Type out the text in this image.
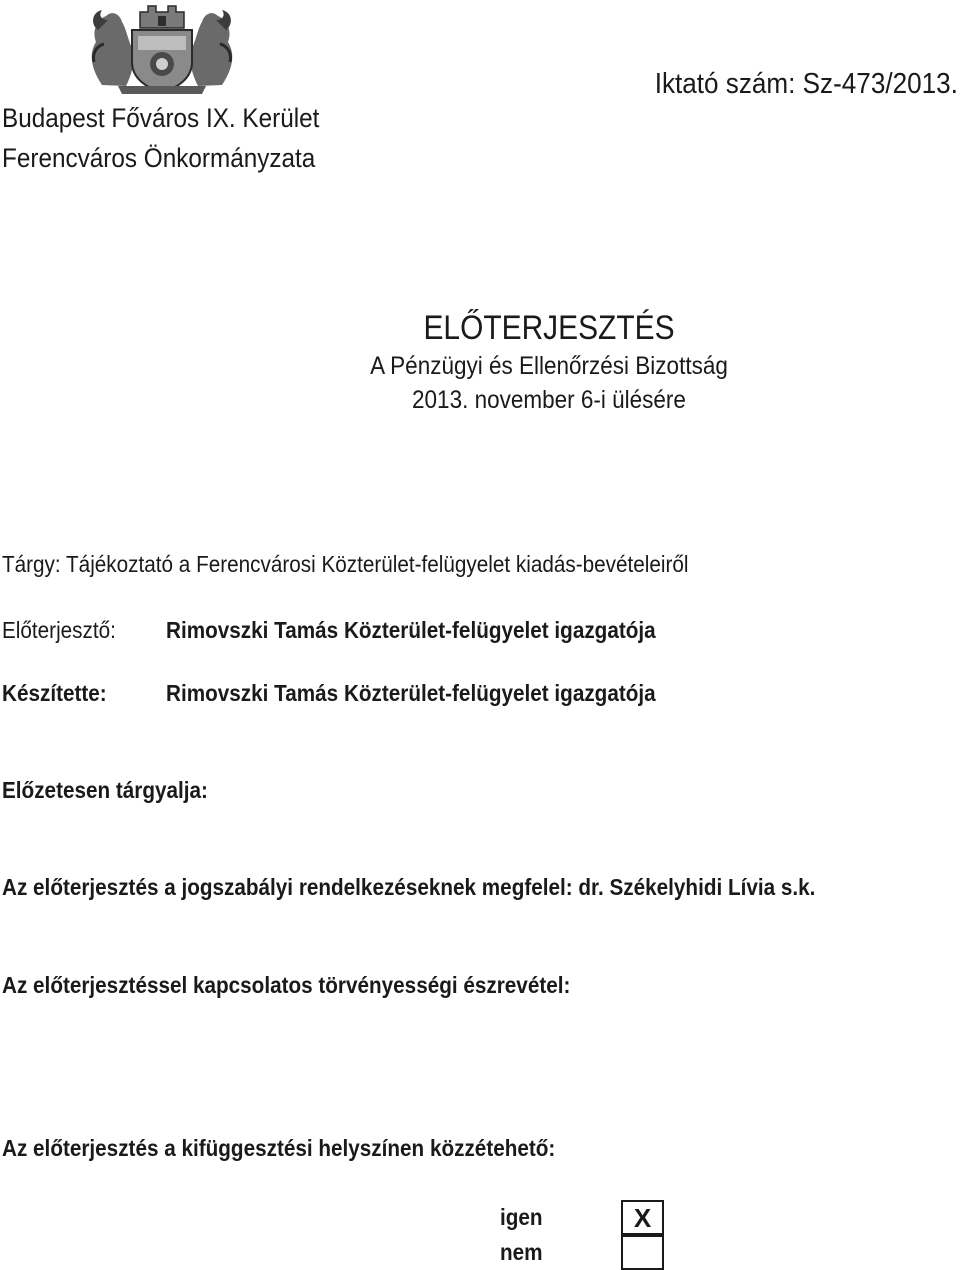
Budapest Főváros IX. Kerület
Ferencváros Önkormányzata
Iktató szám: Sz-473/2013.
ELŐTERJESZTÉS
A Pénzügyi és Ellenőrzési Bizottság
2013. november 6-i ülésére
Tárgy: Tájékoztató a Ferencvárosi Közterület-felügyelet kiadás-bevételeiről
Előterjesztő: Rimovszki Tamás Közterület-felügyelet igazgatója
Készítette:	Rimovszki Tamás Közterület-felügyelet igazgatója
Előzetesen tárgyalja:
Az előterjesztés a jogszabályi rendelkezéseknek megfelel: dr. Székelyhidi Lívia s.k.
Az előterjesztéssel kapcsolatos törvényességi észrevétel:
Az előterjesztés a kifüggesztési helyszínen közzétehető:
igen	X
nem
